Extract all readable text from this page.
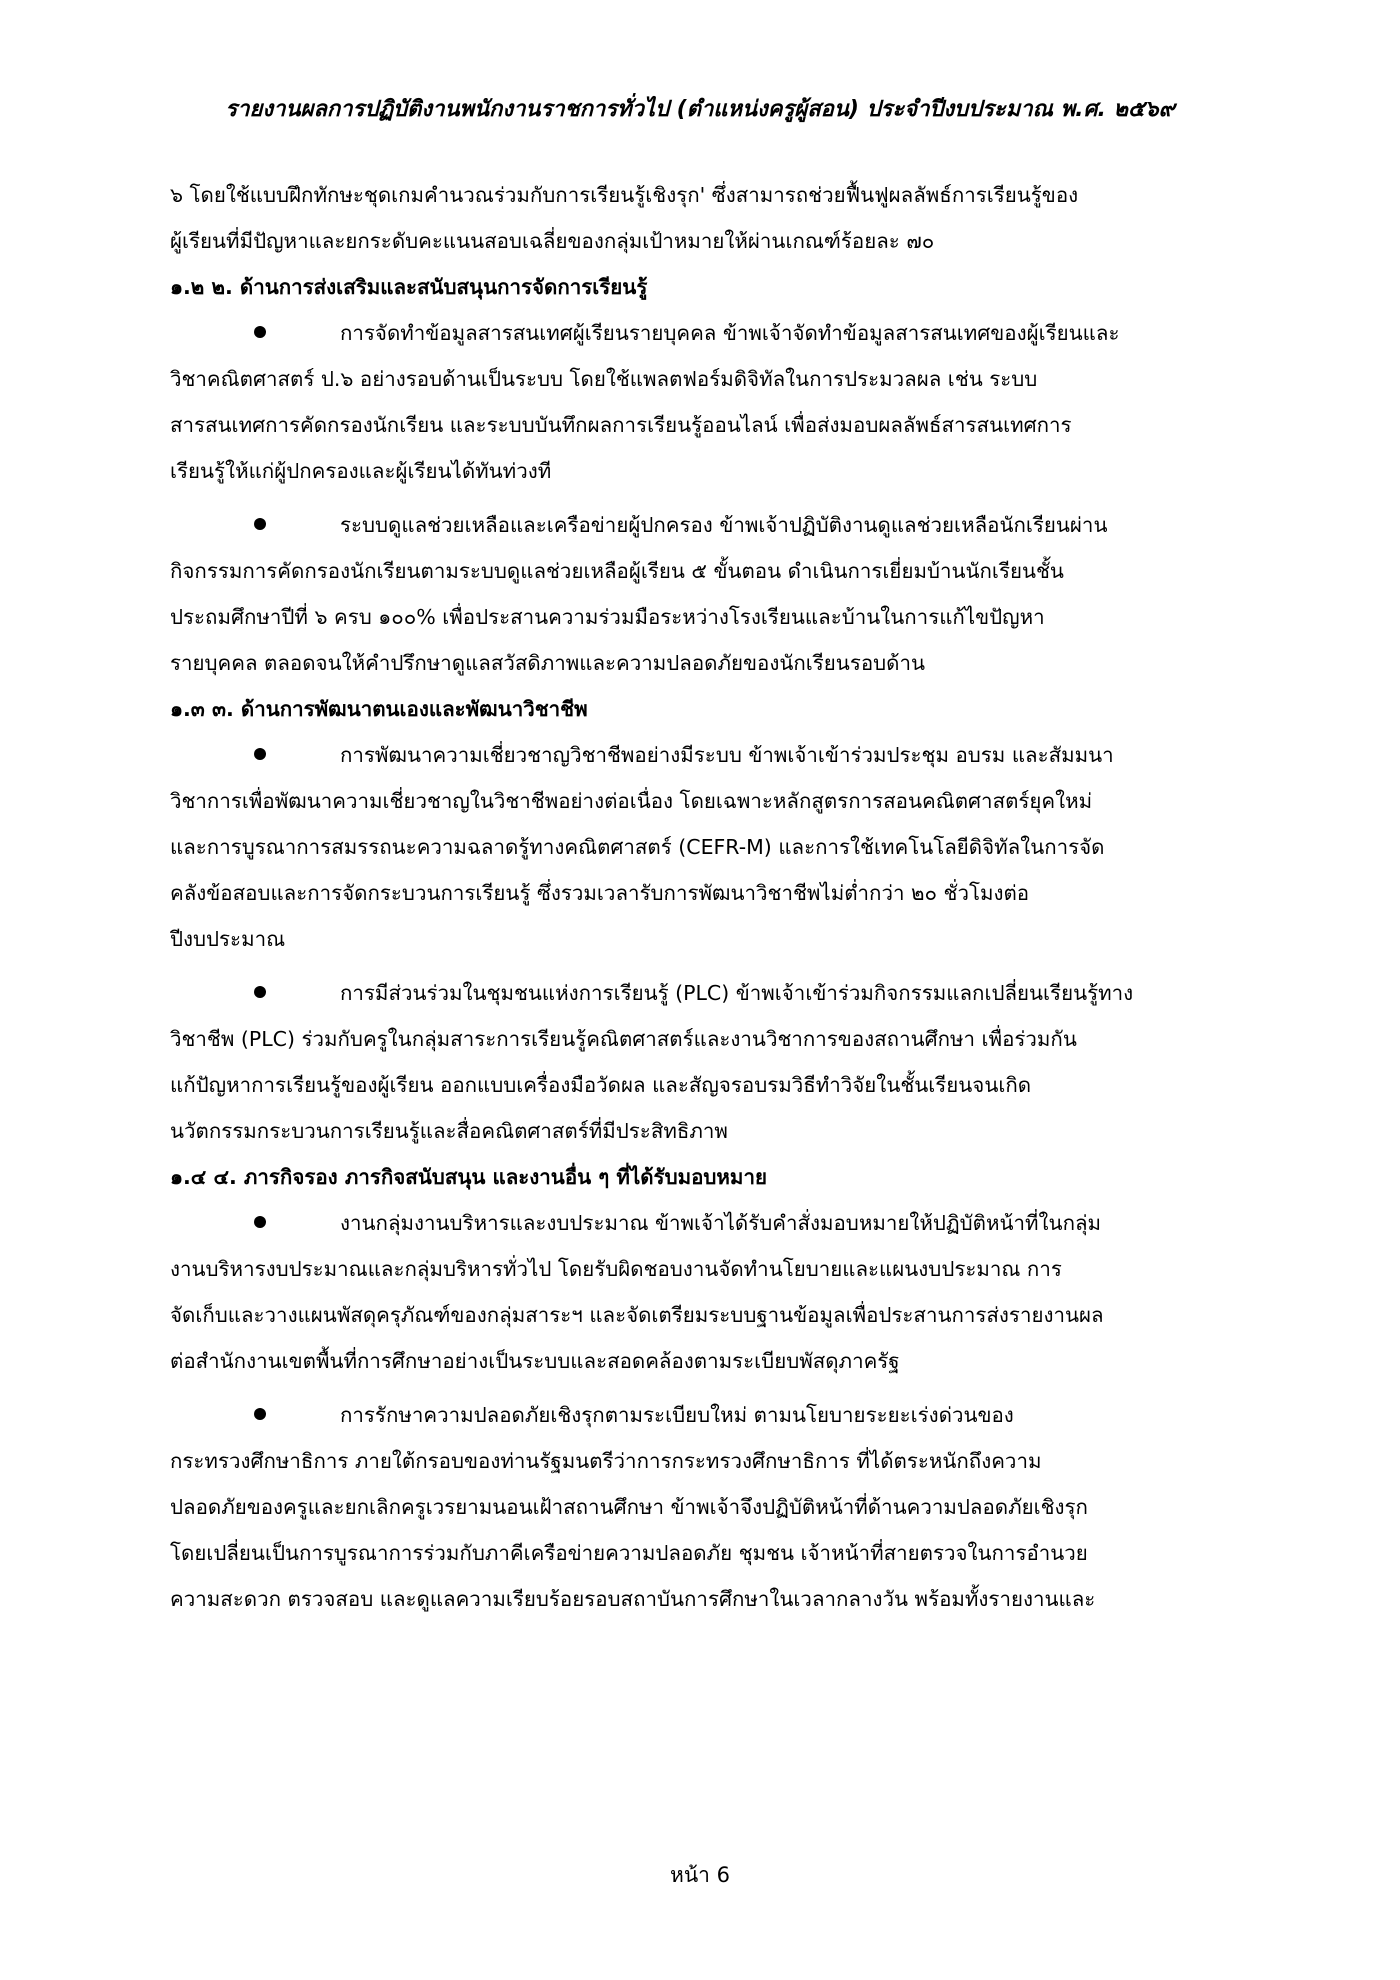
รายงานผลการปฏิบัติงานพนักงานราชการทั่วไป (ตำแหน่งครูผู้สอน) ประจำปีงบประมาณ พ.ศ. ๒๕๖๙
๖ โดยใช้แบบฝึกทักษะชุดเกมคำนวณร่วมกับการเรียนรู้เชิงรุก' ซึ่งสามารถช่วยฟื้นฟูผลลัพธ์การเรียนรู้ของ
ผู้เรียนที่มีปัญหาและยกระดับคะแนนสอบเฉลี่ยของกลุ่มเป้าหมายให้ผ่านเกณฑ์ร้อยละ ๗๐
๑.๒ ๒. ด้านการส่งเสริมและสนับสนุนการจัดการเรียนรู้
การจัดทำข้อมูลสารสนเทศผู้เรียนรายบุคคล ข้าพเจ้าจัดทำข้อมูลสารสนเทศของผู้เรียนและ
วิชาคณิตศาสตร์ ป.๖ อย่างรอบด้านเป็นระบบ โดยใช้แพลตฟอร์มดิจิทัลในการประมวลผล เช่น ระบบ
สารสนเทศการคัดกรองนักเรียน และระบบบันทึกผลการเรียนรู้ออนไลน์ เพื่อส่งมอบผลลัพธ์สารสนเทศการ
เรียนรู้ให้แก่ผู้ปกครองและผู้เรียนได้ทันท่วงที
ระบบดูแลช่วยเหลือและเครือข่ายผู้ปกครอง ข้าพเจ้าปฏิบัติงานดูแลช่วยเหลือนักเรียนผ่าน
กิจกรรมการคัดกรองนักเรียนตามระบบดูแลช่วยเหลือผู้เรียน ๕ ขั้นตอน ดำเนินการเยี่ยมบ้านนักเรียนชั้น
ประถมศึกษาปีที่ ๖ ครบ ๑๐๐% เพื่อประสานความร่วมมือระหว่างโรงเรียนและบ้านในการแก้ไขปัญหา
รายบุคคล ตลอดจนให้คำปรึกษาดูแลสวัสดิภาพและความปลอดภัยของนักเรียนรอบด้าน
๑.๓ ๓. ด้านการพัฒนาตนเองและพัฒนาวิชาชีพ
การพัฒนาความเชี่ยวชาญวิชาชีพอย่างมีระบบ ข้าพเจ้าเข้าร่วมประชุม อบรม และสัมมนา
วิชาการเพื่อพัฒนาความเชี่ยวชาญในวิชาชีพอย่างต่อเนื่อง โดยเฉพาะหลักสูตรการสอนคณิตศาสตร์ยุคใหม่
และการบูรณาการสมรรถนะความฉลาดรู้ทางคณิตศาสตร์ (CEFR-M) และการใช้เทคโนโลยีดิจิทัลในการจัด
คลังข้อสอบและการจัดกระบวนการเรียนรู้ ซึ่งรวมเวลารับการพัฒนาวิชาชีพไม่ต่ำกว่า ๒๐ ชั่วโมงต่อ
ปีงบประมาณ
การมีส่วนร่วมในชุมชนแห่งการเรียนรู้ (PLC) ข้าพเจ้าเข้าร่วมกิจกรรมแลกเปลี่ยนเรียนรู้ทาง
วิชาชีพ (PLC) ร่วมกับครูในกลุ่มสาระการเรียนรู้คณิตศาสตร์และงานวิชาการของสถานศึกษา เพื่อร่วมกัน
แก้ปัญหาการเรียนรู้ของผู้เรียน ออกแบบเครื่องมือวัดผล และสัญจรอบรมวิธีทำวิจัยในชั้นเรียนจนเกิด
นวัตกรรมกระบวนการเรียนรู้และสื่อคณิตศาสตร์ที่มีประสิทธิภาพ
๑.๔ ๔. ภารกิจรอง ภารกิจสนับสนุน และงานอื่น ๆ ที่ได้รับมอบหมาย
งานกลุ่มงานบริหารและงบประมาณ ข้าพเจ้าได้รับคำสั่งมอบหมายให้ปฏิบัติหน้าที่ในกลุ่ม
งานบริหารงบประมาณและกลุ่มบริหารทั่วไป โดยรับผิดชอบงานจัดทำนโยบายและแผนงบประมาณ การ
จัดเก็บและวางแผนพัสดุครุภัณฑ์ของกลุ่มสาระฯ และจัดเตรียมระบบฐานข้อมูลเพื่อประสานการส่งรายงานผล
ต่อสำนักงานเขตพื้นที่การศึกษาอย่างเป็นระบบและสอดคล้องตามระเบียบพัสดุภาครัฐ
การรักษาความปลอดภัยเชิงรุกตามระเบียบใหม่ ตามนโยบายระยะเร่งด่วนของ
กระทรวงศึกษาธิการ ภายใต้กรอบของท่านรัฐมนตรีว่าการกระทรวงศึกษาธิการ ที่ได้ตระหนักถึงความ
ปลอดภัยของครูและยกเลิกครูเวรยามนอนเฝ้าสถานศึกษา ข้าพเจ้าจึงปฏิบัติหน้าที่ด้านความปลอดภัยเชิงรุก
โดยเปลี่ยนเป็นการบูรณาการร่วมกับภาคีเครือข่ายความปลอดภัย ชุมชน เจ้าหน้าที่สายตรวจในการอำนวย
ความสะดวก ตรวจสอบ และดูแลความเรียบร้อยรอบสถาบันการศึกษาในเวลากลางวัน พร้อมทั้งรายงานและ
หน้า 6
